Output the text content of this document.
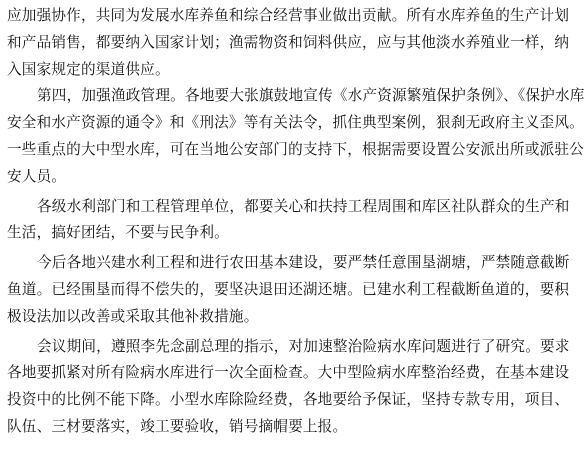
应加强协作，共同为发展水库养鱼和综合经营事业做出贡献。所有水库养鱼的生产计划
和产品销售，都要纳入国家计划；渔需物资和饲料供应，应与其他淡水养殖业一样，纳
入国家规定的渠道供应。
第四，加强渔政管理。各地要大张旗鼓地宣传《水产资源繁殖保护条例》、《保护水库
安全和水产资源的通令》和《刑法》等有关法令，抓住典型案例，狠刹无政府主义歪风。
一些重点的大中型水库，可在当地公安部门的支持下，根据需要设置公安派出所或派驻公
安人员。
各级水利部门和工程管理单位，都要关心和扶持工程周围和库区社队群众的生产和
生活，搞好团结，不要与民争利。
今后各地兴建水利工程和进行农田基本建设，要严禁任意围垦湖塘，严禁随意截断
鱼道。已经围垦而得不偿失的，要坚决退田还湖还塘。已建水利工程截断鱼道的，要积
极设法加以改善或采取其他补救措施。
会议期间，遵照李先念副总理的指示，对加速整治险病水库问题进行了研究。要求
各地要抓紧对所有险病水库进行一次全面检查。大中型险病水库整治经费，在基本建设
投资中的比例不能下降。小型水库除险经费，各地要给予保证，坚持专款专用，项目、
队伍、三材要落实，竣工要验收，销号摘帽要上报。
